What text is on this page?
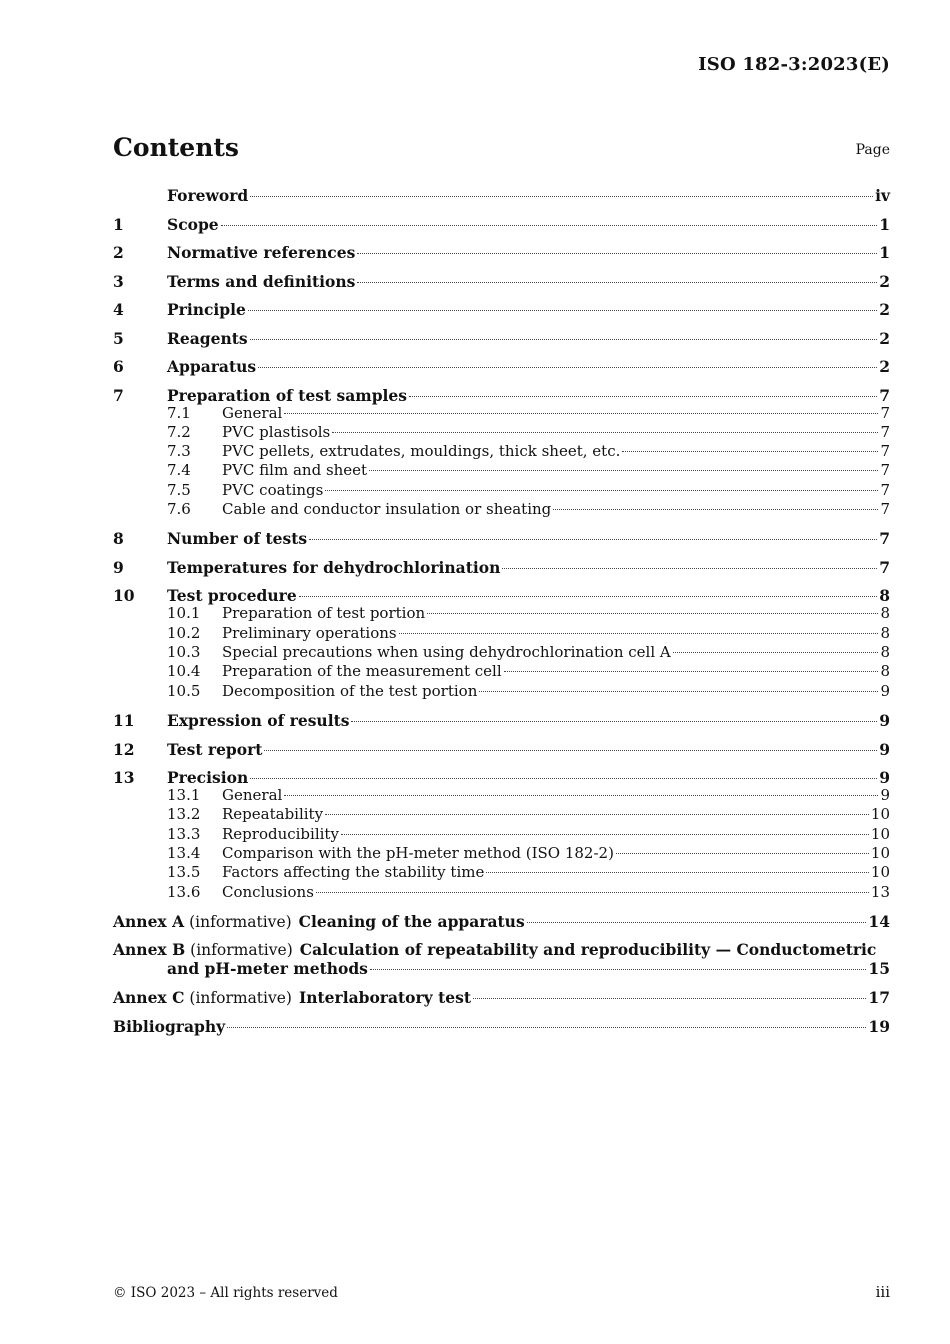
ISO 182-3:2023(E)
Contents	Page
Foreword	iv
1	Scope	1
2	Normative references	1
3	Terms and definitions	2
4	Principle	2
5	Reagents	2
6	Apparatus	2
7	Preparation of test samples	7
7.1	General	7
7.2	PVC plastisols	7
7.3	PVC pellets, extrudates, mouldings, thick sheet, etc.	7
7.4	PVC film and sheet	7
7.5	PVC coatings	7
7.6	Cable and conductor insulation or sheating	7
8	Number of tests	7
9	Temperatures for dehydrochlorination	7
10	Test procedure	8
10.1	Preparation of test portion	8
10.2	Preliminary operations	8
10.3	Special precautions when using dehydrochlorination cell A	8
10.4	Preparation of the measurement cell	8
10.5	Decomposition of the test portion	9
11	Expression of results	9
12	Test report	9
13	Precision	9
13.1	General	9
13.2	Repeatability	10
13.3	Reproducibility	10
13.4	Comparison with the pH-meter method (ISO 182-2)	10
13.5	Factors affecting the stability time	10
13.6	Conclusions	13
Annex A (informative) Cleaning of the apparatus	14
Annex B (informative) Calculation of repeatability and reproducibility — Conductometric
and pH-meter methods	15
Annex C (informative) Interlaboratory test	17
Bibliography	19
© ISO 2023 – All rights reserved	iii
